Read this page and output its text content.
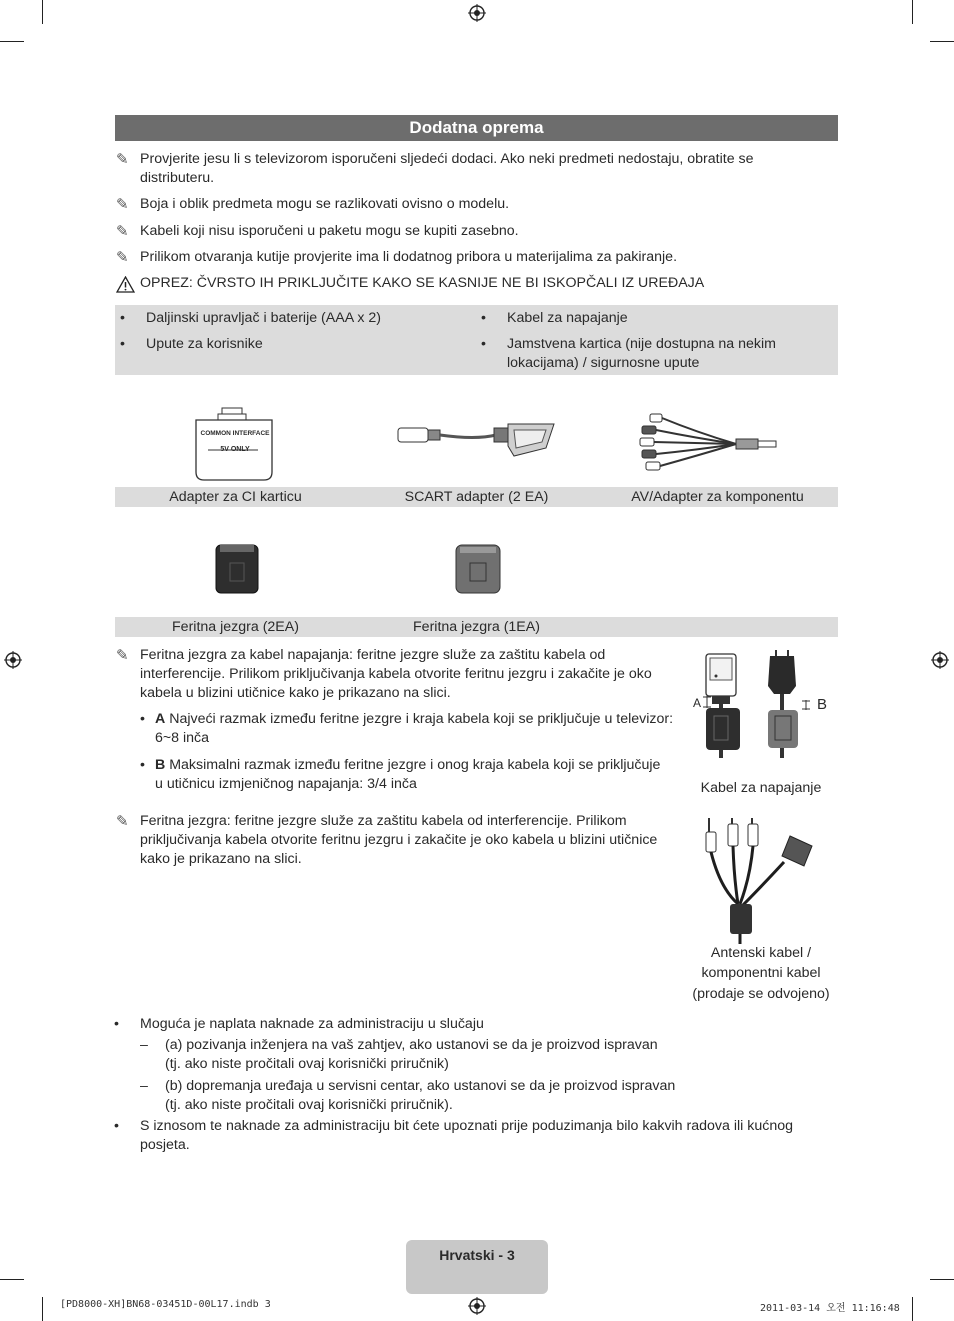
Dodatna oprema
✎ Provjerite jesu li s televizorom isporučeni sljedeći dodaci. Ako neki predmeti nedostaju, obratite se
distributeru.
✎ Boja i oblik predmeta mogu se razlikovati ovisno o modelu.
✎ Kabeli koji nisu isporučeni u paketu mogu se kupiti zasebno.
✎ Prilikom otvaranja kutije provjerite ima li dodatnog pribora u materijalima za pakiranje.
OPREZ: ČVRSTO IH PRIKLJUČITE KAKO SE KASNIJE NE BI ISKOPČALI IZ UREĐAJA
• Daljinski upravljač i baterije (AAA x 2)
• Upute za korisnike
• Kabel za napajanje
• Jamstvena kartica (nije dostupna na nekim
lokacijama) / sigurnosne upute
COMMON INTERFACE
5V ONLY
Adapter za CI karticu	SCART adapter (2 EA)	AV/Adapter za komponentu
Feritna jezgra (2EA)	Feritna jezgra (1EA)
✎ Feritna jezgra za kabel napajanja: feritne jezgre služe za zaštitu kabela od
interferencije. Prilikom priključivanja kabela otvorite feritnu jezgru i zakačite je oko
kabela u blizini utičnice kako je prikazano na slici.
• A Najveći razmak između feritne jezgre i kraja kabela koji se priključuje u televizor:
6~8 inča
• B Maksimalni razmak između feritne jezgre i onog kraja kabela koji se priključuje
u utičnicu izmjeničnog napajanja: 3/4 inča
A	B
Kabel za napajanje
✎ Feritna jezgra: feritne jezgre služe za zaštitu kabela od interferencije. Prilikom
priključivanja kabela otvorite feritnu jezgru i zakačite je oko kabela u blizini utičnice
kako je prikazano na slici.
Antenski kabel /
komponentni kabel
(prodaje se odvojeno)
• Moguća je naplata naknade za administraciju u slučaju
– (a) pozivanja inženjera na vaš zahtjev, ako ustanovi se da je proizvod ispravan
(tj. ako niste pročitali ovaj korisnički priručnik)
– (b) dopremanja uređaja u servisni centar, ako ustanovi se da je proizvod ispravan
(tj. ako niste pročitali ovaj korisnički priručnik).
• S iznosom te naknade za administraciju bit ćete upoznati prije poduzimanja bilo kakvih radova ili kućnog
posjeta.
Hrvatski - 3
[PD8000-XH]BN68-03451D-00L17.indb 3	2011-03-14 오전 11:16:48
